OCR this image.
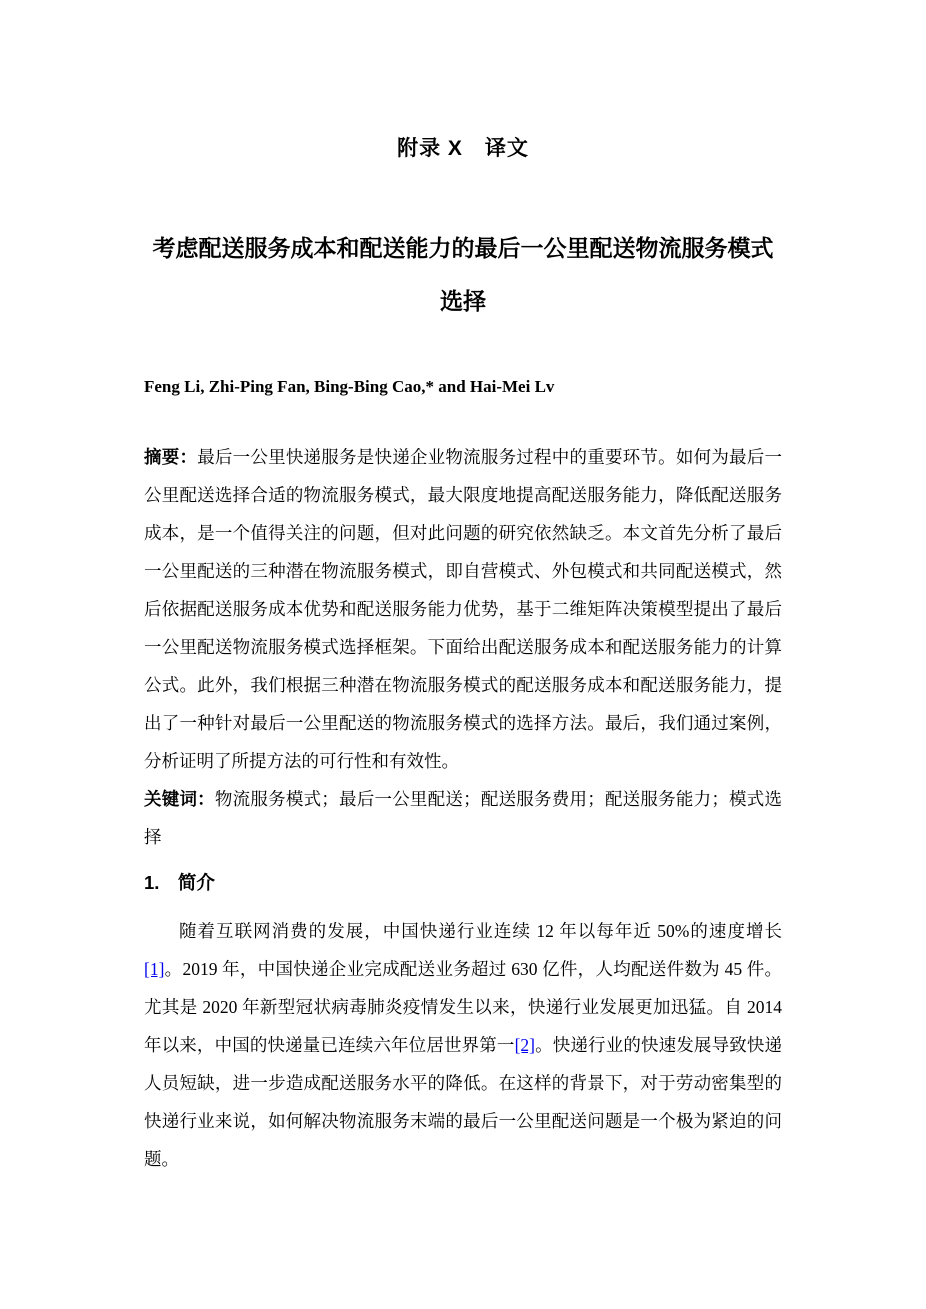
附录 X　译文
考虑配送服务成本和配送能力的最后一公里配送物流服务模式
选择

Feng Li, Zhi-Ping Fan, Bing-Bing Cao,* and Hai-Mei Lv

摘要：最后一公里快递服务是快递企业物流服务过程中的重要环节。如何为最后一公里配送选择合适的物流服务模式，最大限度地提高配送服务能力，降低配送服务成本，是一个值得关注的问题，但对此问题的研究依然缺乏。本文首先分析了最后一公里配送的三种潜在物流服务模式，即自营模式、外包模式和共同配送模式，然后依据配送服务成本优势和配送服务能力优势，基于二维矩阵决策模型提出了最后一公里配送物流服务模式选择框架。下面给出配送服务成本和配送服务能力的计算公式。此外，我们根据三种潜在物流服务模式的配送服务成本和配送服务能力，提出了一种针对最后一公里配送的物流服务模式的选择方法。最后，我们通过案例，分析证明了所提方法的可行性和有效性。

关键词：物流服务模式；最后一公里配送；配送服务费用；配送服务能力；模式选择

1.　简介

随着互联网消费的发展，中国快递行业连续 12 年以每年近 50%的速度增长[1]。2019 年，中国快递企业完成配送业务超过 630 亿件，人均配送件数为 45 件。尤其是 2020 年新型冠状病毒肺炎疫情发生以来，快递行业发展更加迅猛。自 2014 年以来，中国的快递量已连续六年位居世界第一[2]。快递行业的快速发展导致快递人员短缺，进一步造成配送服务水平的降低。在这样的背景下，对于劳动密集型的快递行业来说，如何解决物流服务末端的最后一公里配送问题是一个极为紧迫的问题。
